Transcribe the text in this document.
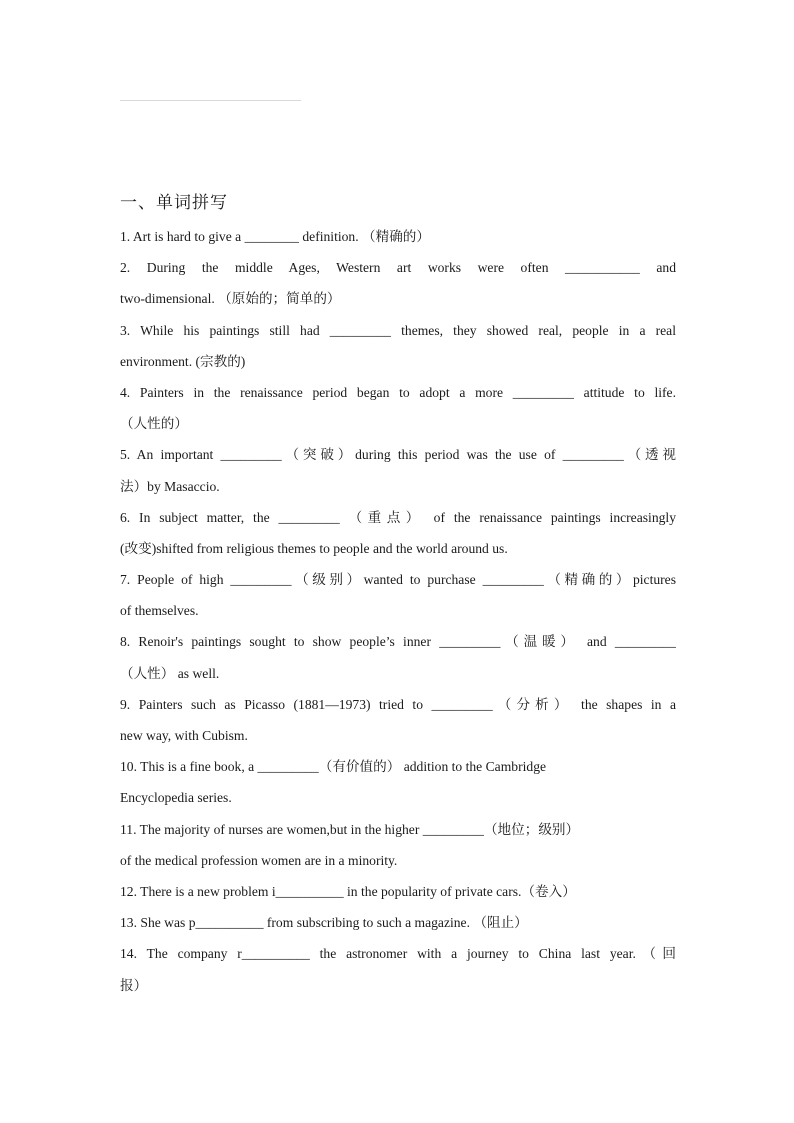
一、单词拼写
1. Art is hard to give a ________ definition. （精确的）
2. During the middle Ages, Western art works were often ___________ and
two-dimensional. （原始的；简单的）
3. While his paintings still had _________ themes, they showed real, people in a real
environment. (宗教的)
4. Painters in the renaissance period began to adopt a more _________ attitude to life.
（人性的）
5. An important _________（突破）during this period was the use of _________（透视
法）by Masaccio.
6. In subject matter, the _________ （重点） of the renaissance paintings increasingly
(改变)shifted from religious themes to people and the world around us.
7. People of high _________（级别）wanted to purchase _________（精确的）pictures
of themselves.
8. Renoir's paintings sought to show people’s inner _________（温暖） and _________
（人性） as well.
9. Painters such as Picasso (1881—1973) tried to _________（分析） the shapes in a
new way, with Cubism.
10. This is a fine book, a _________（有价值的） addition to the Cambridge
Encyclopedia series.
11. The majority of nurses are women,but in the higher _________（地位；级别）
of the medical profession women are in a minority.
12. There is a new problem i__________ in the popularity of private cars.（卷入）
13. She was p__________ from subscribing to such a magazine. （阻止）
14. The company r__________ the astronomer with a journey to China last year.（回
报）
